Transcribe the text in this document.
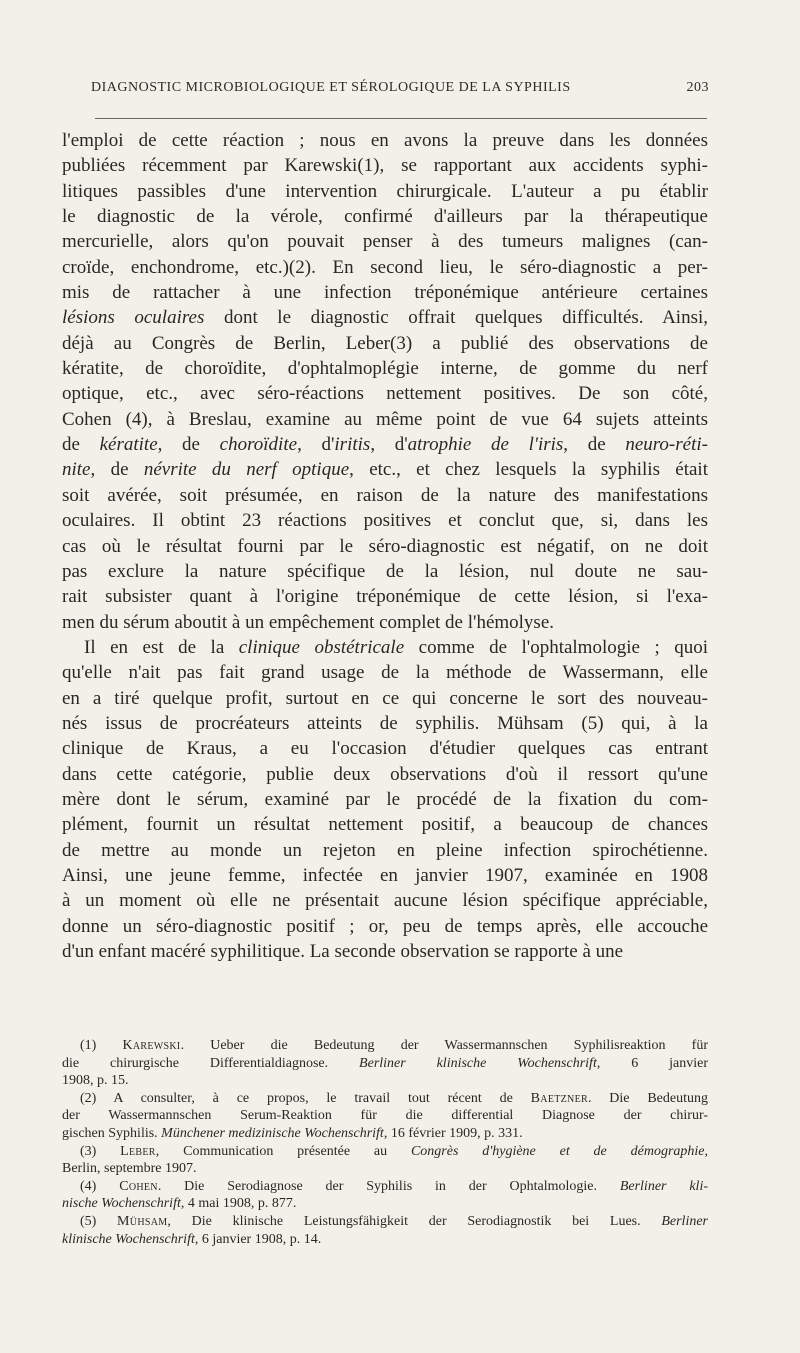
DIAGNOSTIC MICROBIOLOGIQUE ET SÉROLOGIQUE DE LA SYPHILIS	203
l'emploi de cette réaction ; nous en avons la preuve dans les données
publiées récemment par Karewski(1), se rapportant aux accidents syphi-
litiques passibles d'une intervention chirurgicale. L'auteur a pu établir
le diagnostic de la vérole, confirmé d'ailleurs par la thérapeutique
mercurielle, alors qu'on pouvait penser à des tumeurs malignes (can-
croïde, enchondrome, etc.)(2). En second lieu, le séro-diagnostic a per-
mis de rattacher à une infection tréponémique antérieure certaines
lésions oculaires dont le diagnostic offrait quelques difficultés. Ainsi,
déjà au Congrès de Berlin, Leber(3) a publié des observations de
kératite, de choroïdite, d'ophtalmoplégie interne, de gomme du nerf
optique, etc., avec séro-réactions nettement positives. De son côté,
Cohen (4), à Breslau, examine au même point de vue 64 sujets atteints
de kératite, de choroïdite, d'iritis, d'atrophie de l'iris, de neuro-réti-
nite, de névrite du nerf optique, etc., et chez lesquels la syphilis était
soit avérée, soit présumée, en raison de la nature des manifestations
oculaires. Il obtint 23 réactions positives et conclut que, si, dans les
cas où le résultat fourni par le séro-diagnostic est négatif, on ne doit
pas exclure la nature spécifique de la lésion, nul doute ne sau-
rait subsister quant à l'origine tréponémique de cette lésion, si l'exa-
men du sérum aboutit à un empêchement complet de l'hémolyse.
Il en est de la clinique obstétricale comme de l'ophtalmologie ; quoi
qu'elle n'ait pas fait grand usage de la méthode de Wassermann, elle
en a tiré quelque profit, surtout en ce qui concerne le sort des nouveau-
nés issus de procréateurs atteints de syphilis. Mühsam (5) qui, à la
clinique de Kraus, a eu l'occasion d'étudier quelques cas entrant
dans cette catégorie, publie deux observations d'où il ressort qu'une
mère dont le sérum, examiné par le procédé de la fixation du com-
plément, fournit un résultat nettement positif, a beaucoup de chances
de mettre au monde un rejeton en pleine infection spirochétienne.
Ainsi, une jeune femme, infectée en janvier 1907, examinée en 1908
à un moment où elle ne présentait aucune lésion spécifique appréciable,
donne un séro-diagnostic positif ; or, peu de temps après, elle accouche
d'un enfant macéré syphilitique. La seconde observation se rapporte à une
(1) Karewski. Ueber die Bedeutung der Wassermannschen Syphilisreaktion für
die chirurgische Differentialdiagnose. Berliner klinische Wochenschrift, 6 janvier
1908, p. 15.
(2) A consulter, à ce propos, le travail tout récent de Baetzner. Die Bedeutung
der Wassermannschen Serum-Reaktion für die differential Diagnose der chirur-
gischen Syphilis. Münchener medizinische Wochenschrift, 16 février 1909, p. 331.
(3) Leber, Communication présentée au Congrès d'hygiène et de démographie,
Berlin, septembre 1907.
(4) Cohen. Die Serodiagnose der Syphilis in der Ophtalmologie. Berliner kli-
nische Wochenschrift, 4 mai 1908, p. 877.
(5) Mühsam, Die klinische Leistungsfähigkeit der Serodiagnostik bei Lues. Berliner
klinische Wochenschrift, 6 janvier 1908, p. 14.
